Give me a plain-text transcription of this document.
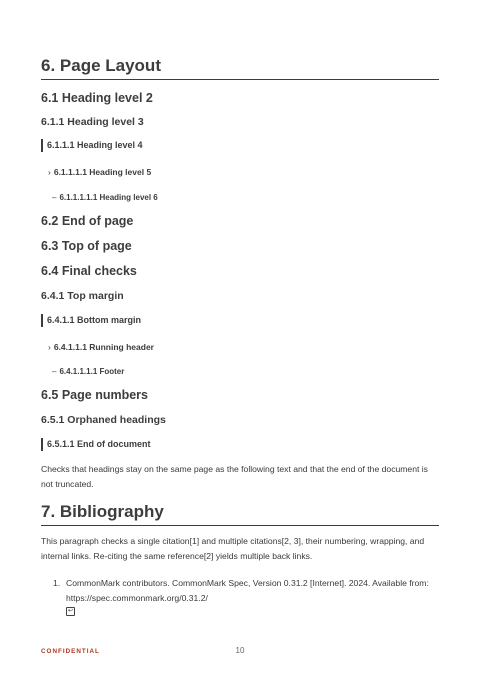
6. Page Layout
6.1 Heading level 2
6.1.1 Heading level 3
6.1.1.1 Heading level 4
› 6.1.1.1.1 Heading level 5
– 6.1.1.1.1.1 Heading level 6
6.2 End of page
6.3 Top of page
6.4 Final checks
6.4.1 Top margin
6.4.1.1 Bottom margin
› 6.4.1.1.1 Running header
– 6.4.1.1.1.1 Footer
6.5 Page numbers
6.5.1 Orphaned headings
6.5.1.1 End of document
Checks that headings stay on the same page as the following text and that the end of the document is not truncated.
7. Bibliography
This paragraph checks a single citation[1] and multiple citations[2, 3], their numbering, wrapping, and internal links. Re-citing the same reference[2] yields multiple back links.
1. CommonMark contributors. CommonMark Spec, Version 0.31.2 [Internet]. 2024. Available from: https://spec.commonmark.org/0.31.2/
↩
CONFIDENTIAL	10
